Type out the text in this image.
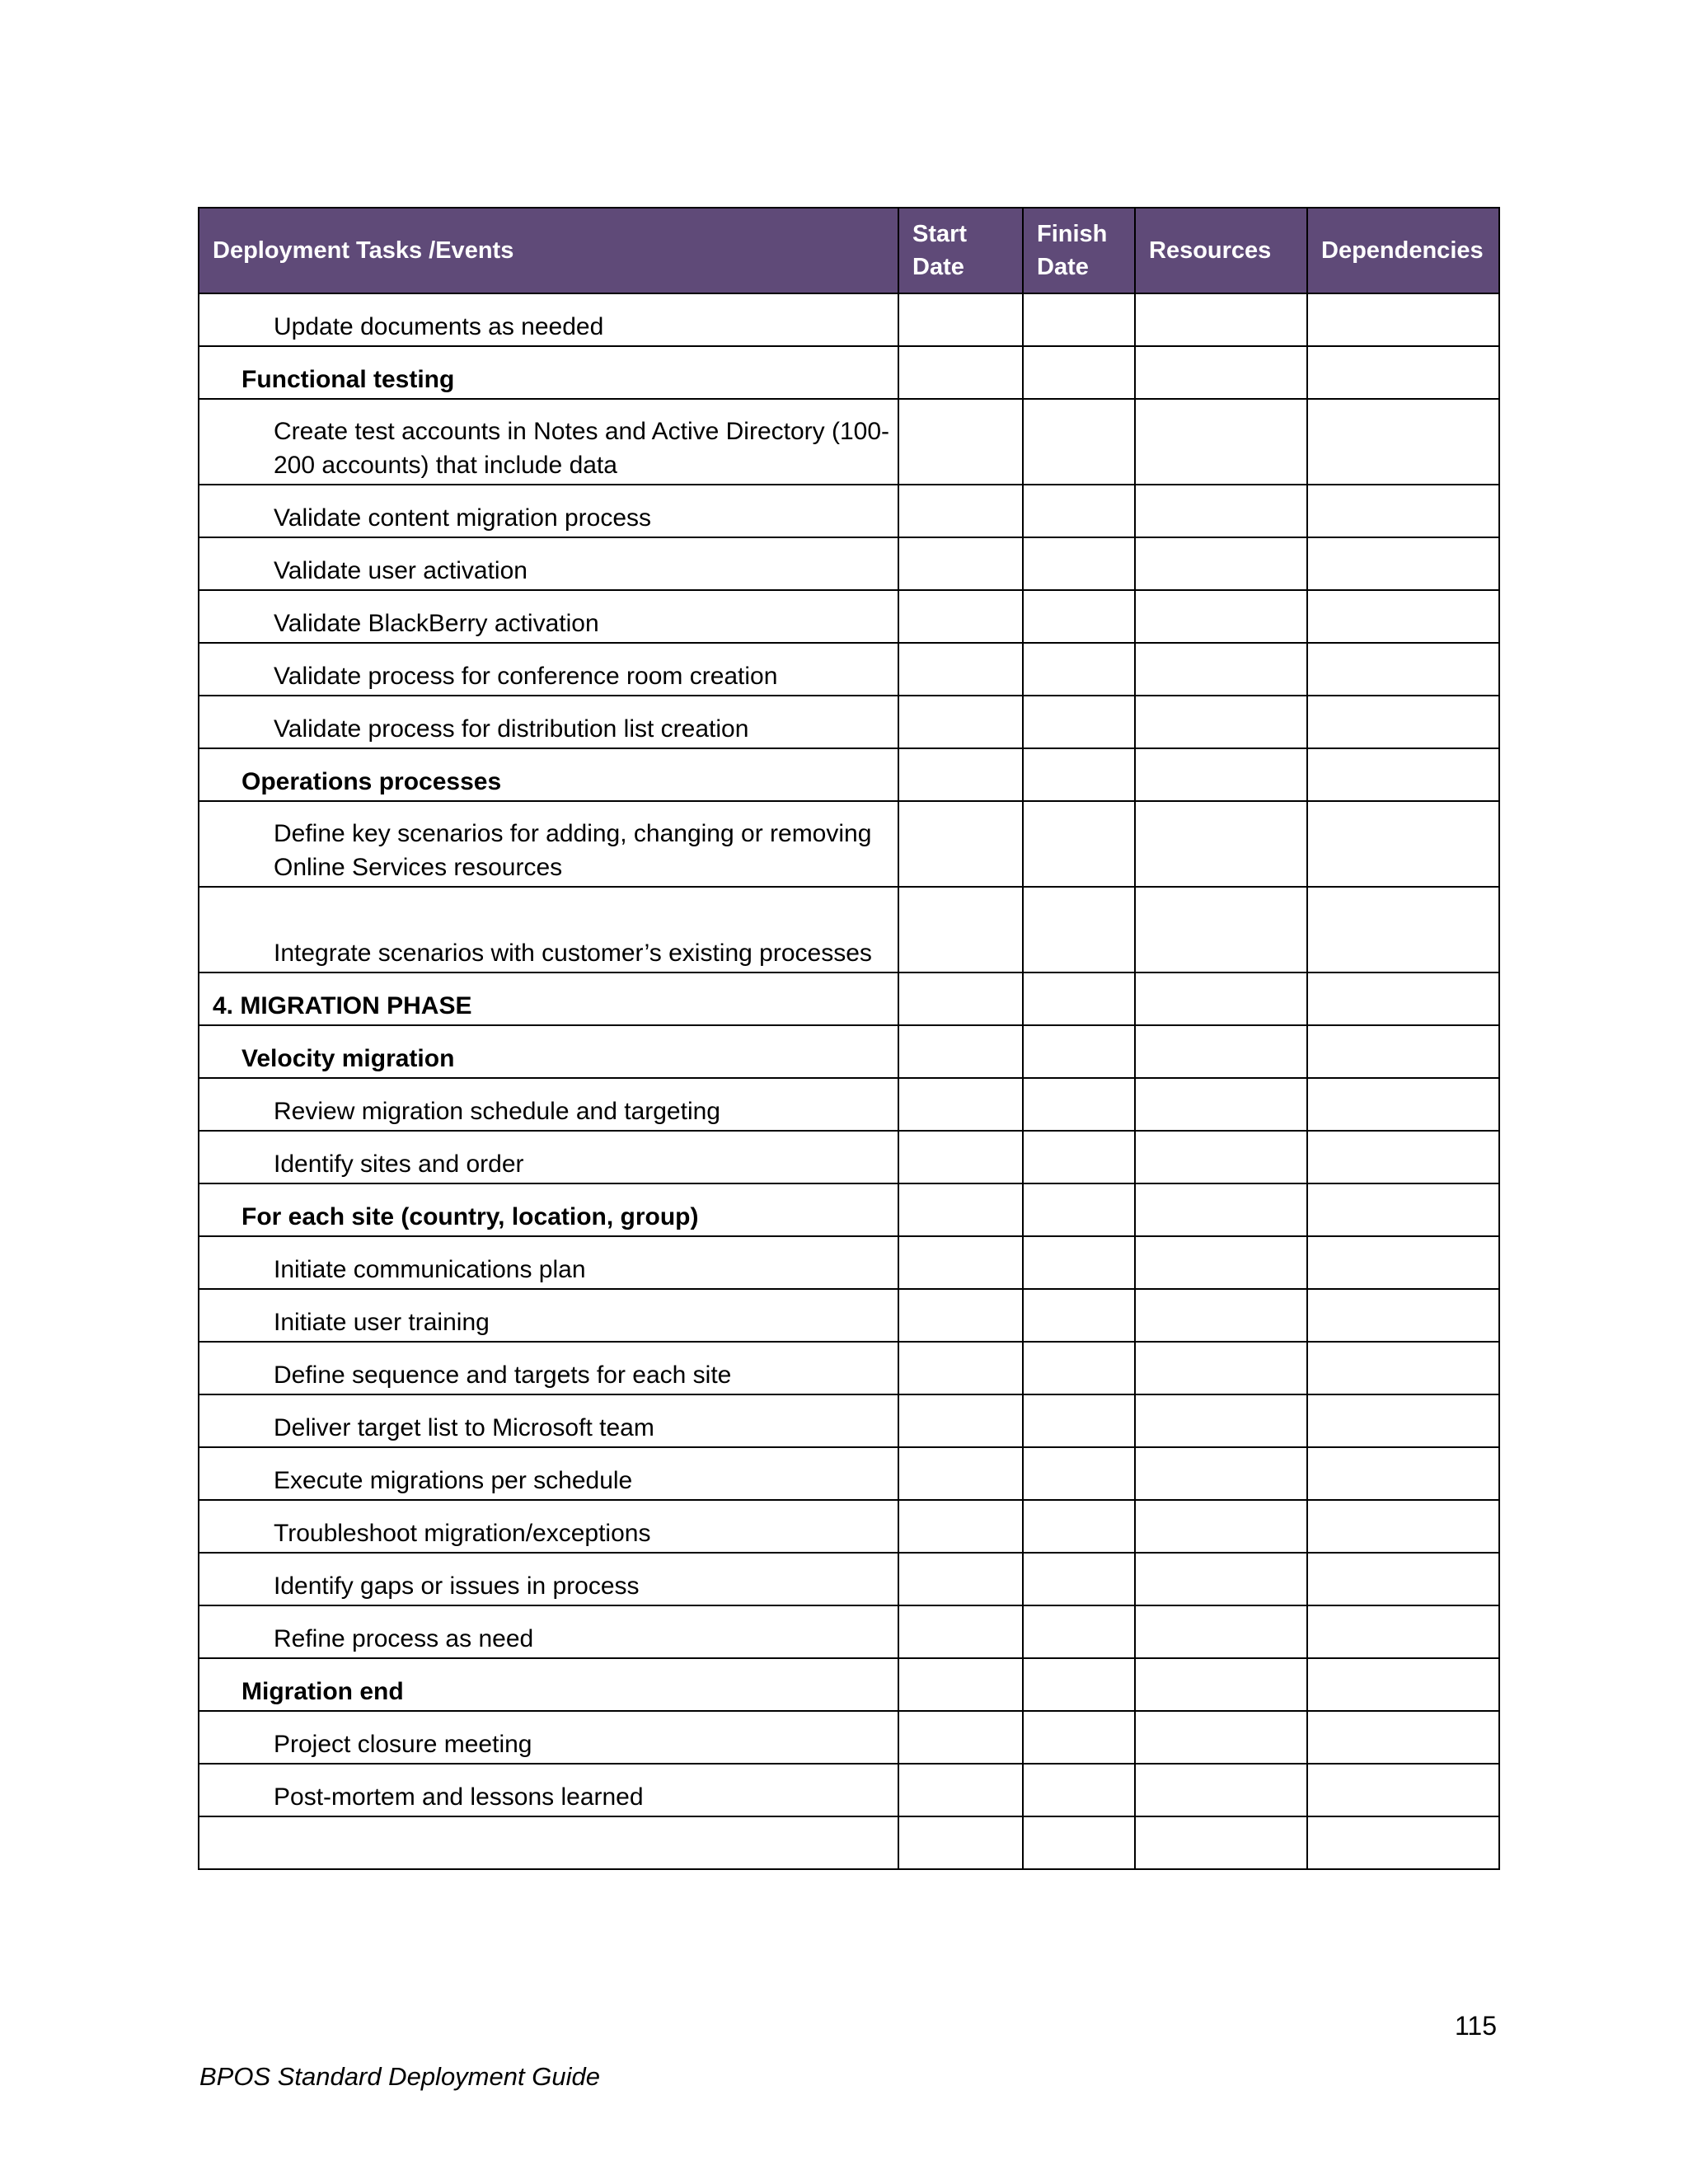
Deployment Tasks /Events	Start Date	Finish Date	Resources	Dependencies
Update documents as needed				
Functional testing				
Create test accounts in Notes and Active Directory (100-200 accounts) that include data				
Validate content migration process				
Validate user activation				
Validate BlackBerry activation				
Validate process for conference room creation				
Validate process for distribution list creation				
Operations processes				
Define key scenarios for adding, changing or removing Online Services resources				
Integrate scenarios with customer’s existing processes				
4. MIGRATION PHASE				
Velocity migration				
Review migration schedule and targeting				
Identify sites and order				
For each site (country, location, group)				
Initiate communications plan				
Initiate user training				
Define sequence and targets for each site				
Deliver target list to Microsoft team				
Execute migrations per schedule				
Troubleshoot migration/exceptions				
Identify gaps or issues in process				
Refine process as need				
Migration end				
Project closure meeting				
Post-mortem and lessons learned				

115
BPOS Standard Deployment Guide
